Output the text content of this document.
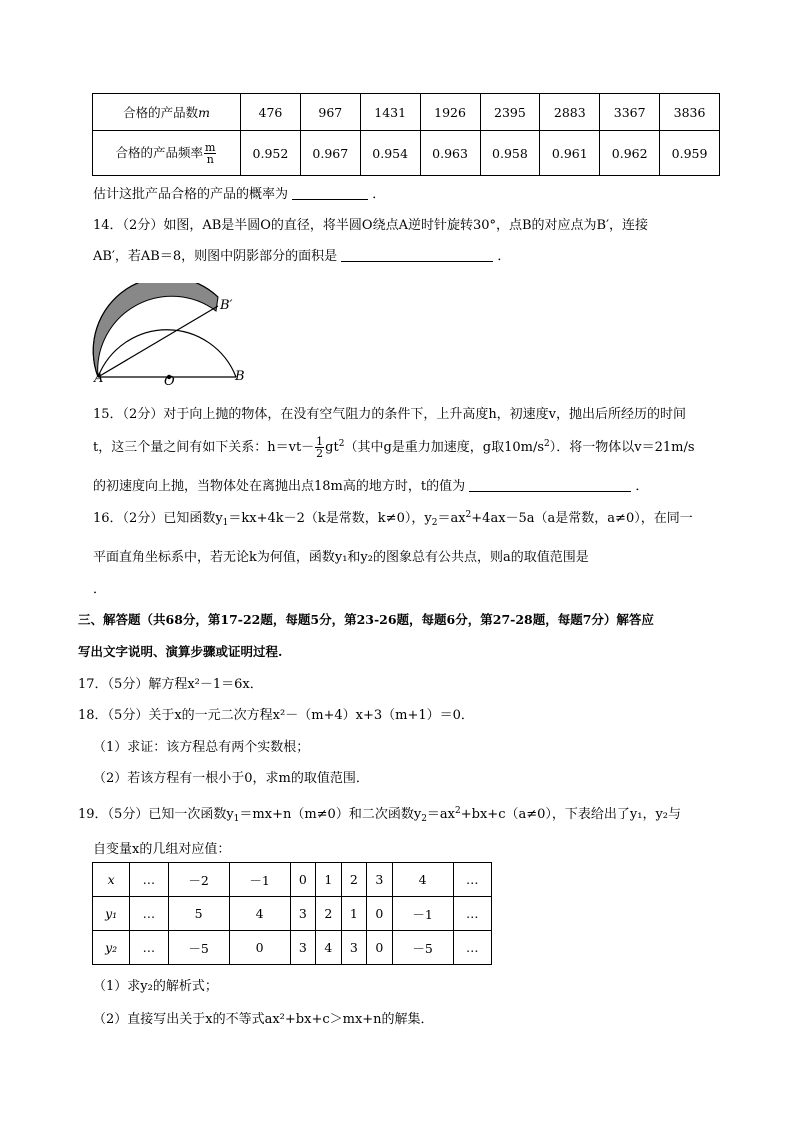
合格的产品数m	476	967	1431	1926	2395	2883	3367	3836
合格的产品频率 $\frac{m}{n}$	0.952	0.967	0.954	0.963	0.958	0.961	0.962	0.959
估计这批产品合格的产品的概率为	．
14．（2分）如图，AB是半圆O的直径，将半圆O绕点A逆时针旋转30°，点B的对应点为B′，连接
AB′，若AB＝8，则图中阴影部分的面积是	．
A	O	B
B′
15．（2分）对于向上抛的物体，在没有空气阻力的条件下，上升高度h，初速度v，抛出后所经历的时间
t，这三个量之间有如下关系：$h=vt- \frac{1}{2} gt^2$（其中g是重力加速度，g取$10m/s^2$）．将一物体以v＝21m/s
的初速度向上抛，当物体处在离抛出点18m高的地方时，t的值为	．
16．（2分）已知函数$y_1=kx+4k-2(k$是常数，k≠0），$y_2=ax^2+4ax-5a(a$是常数，a≠0），在同一
平面直角坐标系中，若无论k为何值，函数y₁和y₂的图象总有公共点，则a的取值范围是
．
三、解答题（共68分，第17-22题，每题5分，第23-26题，每题6分，第27-28题，每题7分）解答应
写出文字说明、演算步骤或证明过程.
17．（5分）解方程x²－1＝6x．
18．（5分）关于x的一元二次方程x²－（m+4）x+3（m+1）＝0．
（1）求证：该方程总有两个实数根；
（2）若该方程有一根小于0，求m的取值范围．
19．（5分）已知一次函数$y_1=mx+n(m\ne 0)$和二次函数$y_2=ax^2+bx+c(a\ne 0)$，下表给出了y₁，y₂与
自变量x的几组对应值：
x	…	－2	－1	0	1	2	3	4	…
y₁	…	5	4	3	2	1	0	－1	…
y₂	…	－5	0	3	4	3	0	－5	…
（1）求y₂的解析式；
（2）直接写出关于x的不等式ax²+bx+c＞mx+n的解集．
